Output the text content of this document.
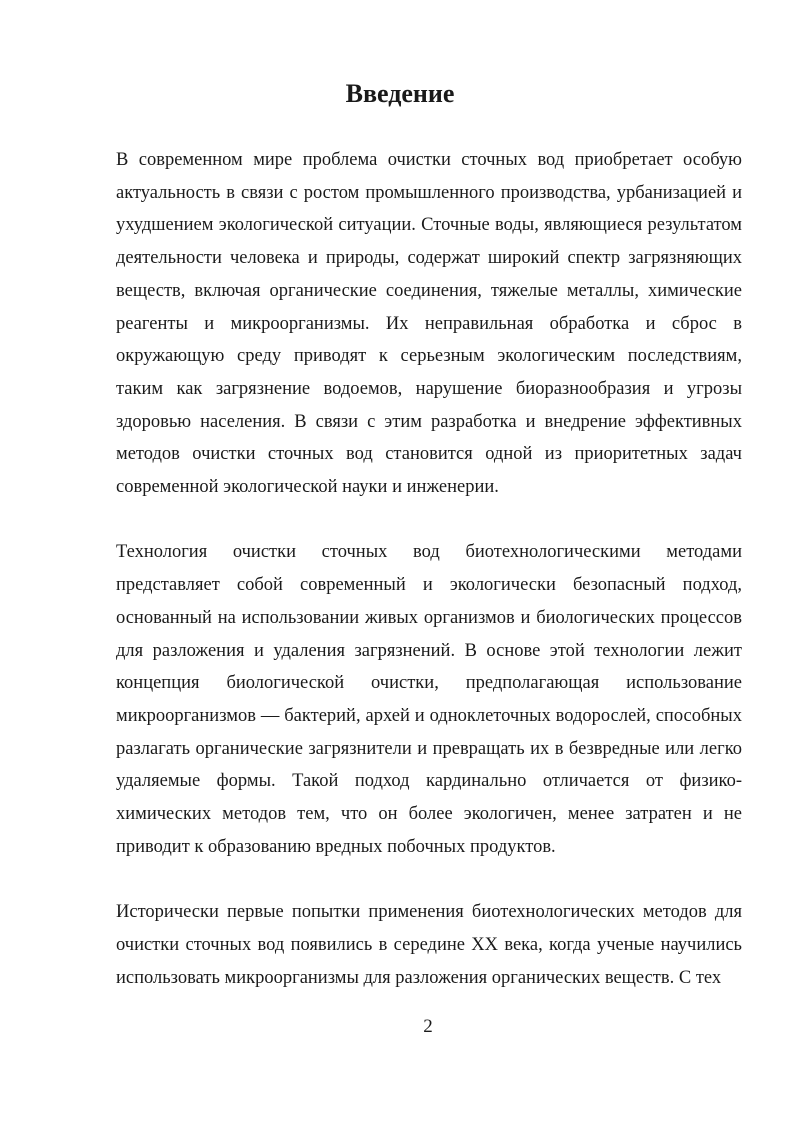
Введение

В современном мире проблема очистки сточных вод приобретает особую актуальность в связи с ростом промышленного производства, урбанизацией и ухудшением экологической ситуации. Сточные воды, являющиеся результатом деятельности человека и природы, содержат широкий спектр загрязняющих веществ, включая органические соединения, тяжелые металлы, химические реагенты и микроорганизмы. Их неправильная обработка и сброс в окружающую среду приводят к серьезным экологическим последствиям, таким как загрязнение водоемов, нарушение биоразнообразия и угрозы здоровью населения. В связи с этим разработка и внедрение эффективных методов очистки сточных вод становится одной из приоритетных задач современной экологической науки и инженерии.

Технология очистки сточных вод биотехнологическими методами представляет собой современный и экологически безопасный подход, основанный на использовании живых организмов и биологических процессов для разложения и удаления загрязнений. В основе этой технологии лежит концепция биологической очистки, предполагающая использование микроорганизмов — бактерий, архей и одноклеточных водорослей, способных разлагать органические загрязнители и превращать их в безвредные или легко удаляемые формы. Такой подход кардинально отличается от физико-химических методов тем, что он более экологичен, менее затратен и не приводит к образованию вредных побочных продуктов.

Исторически первые попытки применения биотехнологических методов для очистки сточных вод появились в середине XX века, когда ученые научились использовать микроорганизмы для разложения органических веществ. С тех

2
